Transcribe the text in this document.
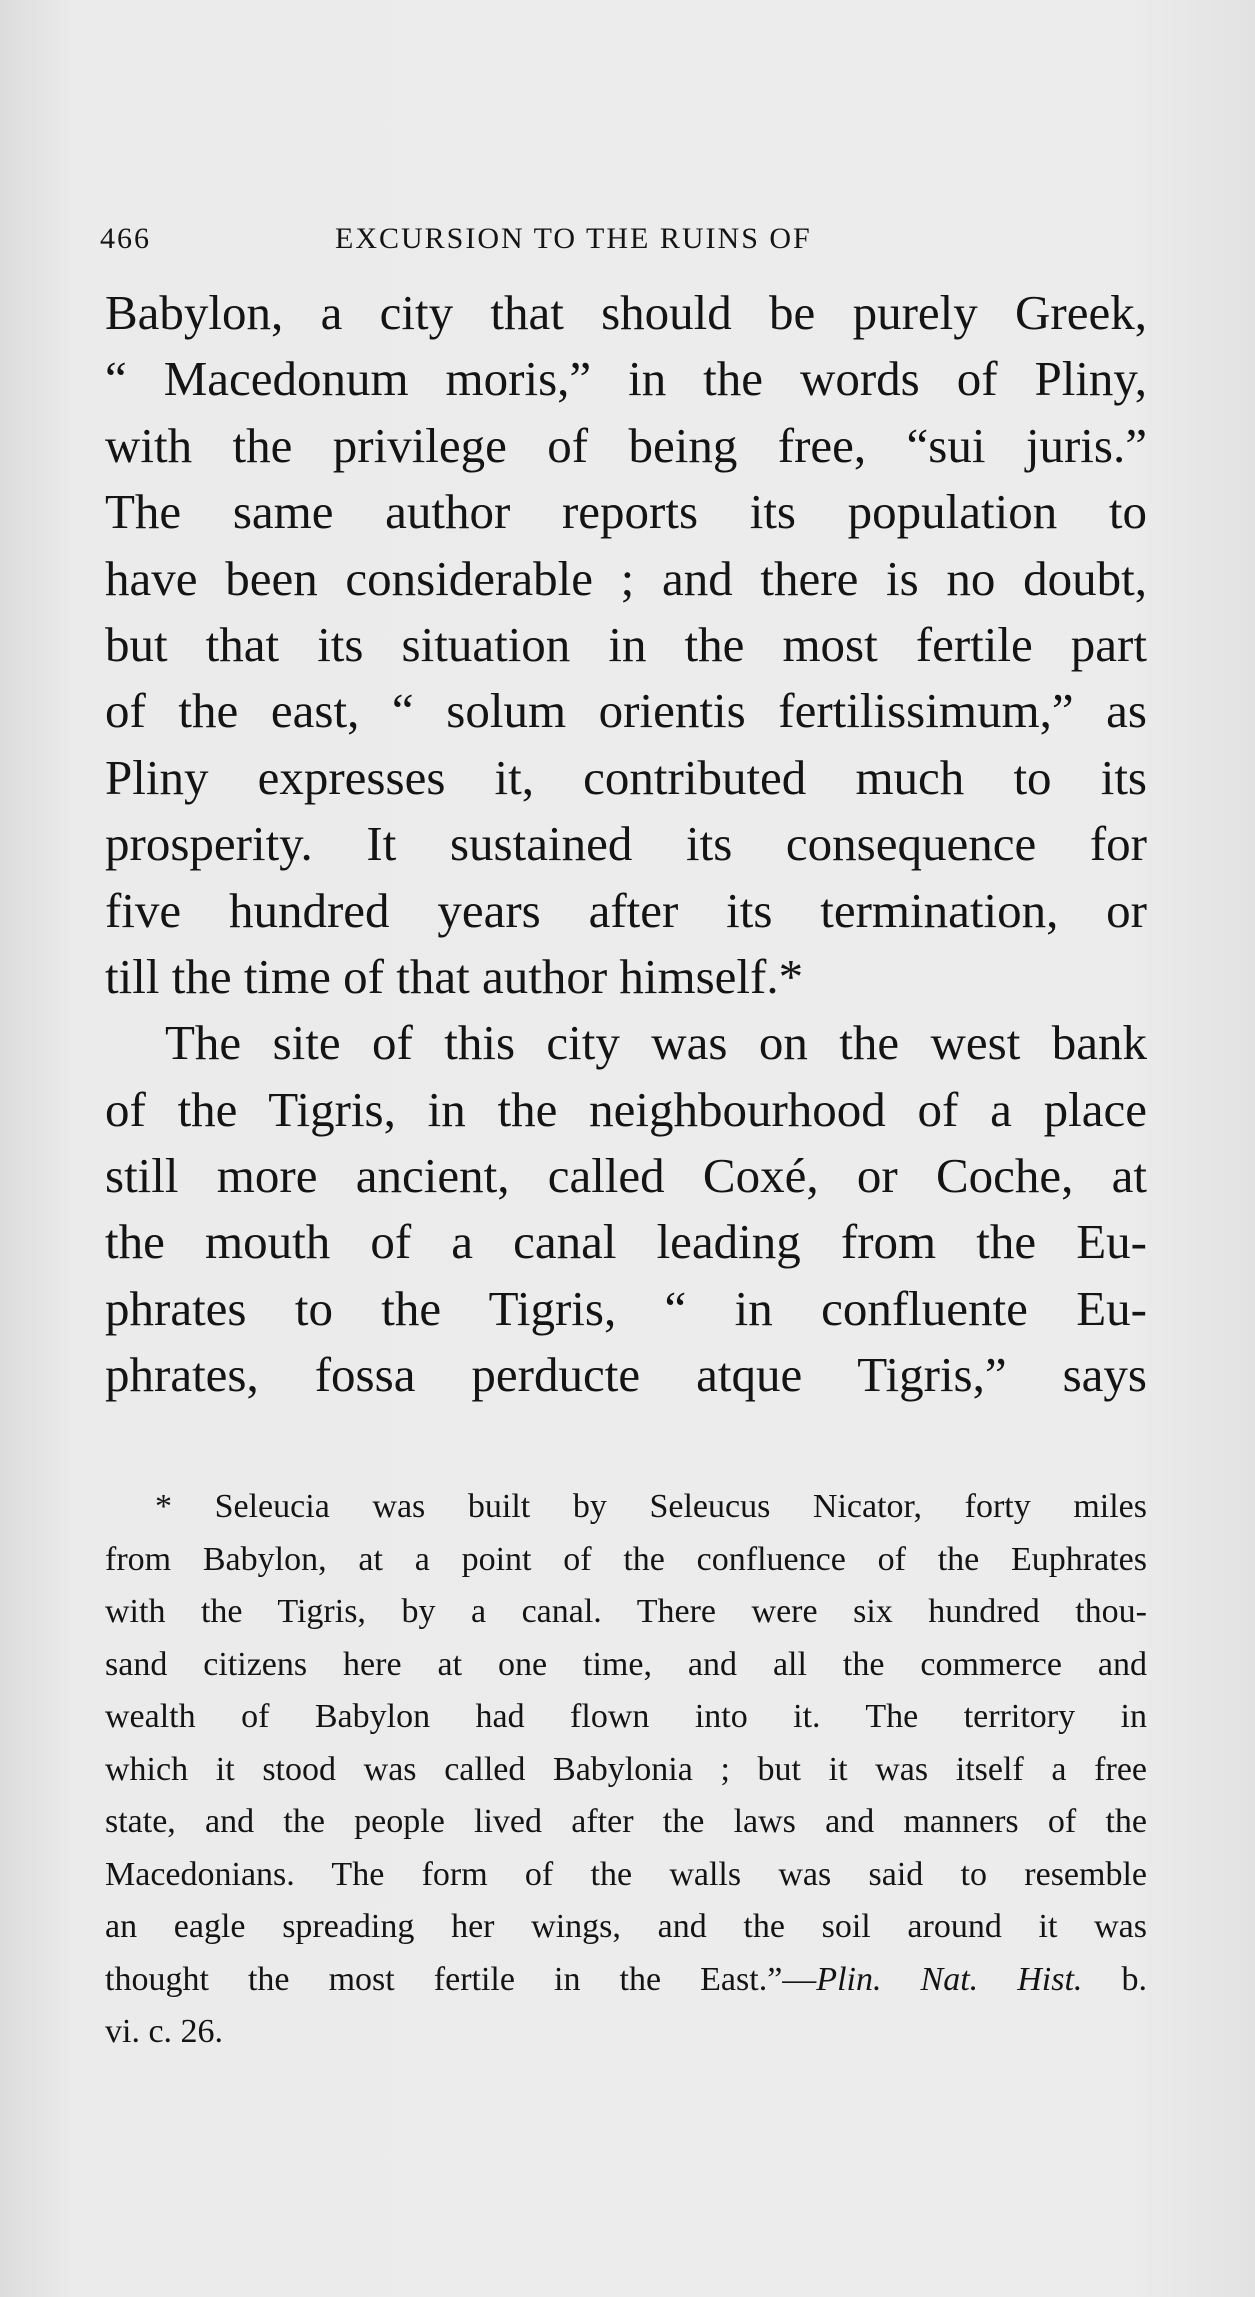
466	EXCURSION TO THE RUINS OF
Babylon, a city that should be purely Greek,
“ Macedonum moris,” in the words of Pliny,
with the privilege of being free, “sui juris.”
The same author reports its population to
have been considerable ; and there is no doubt,
but that its situation in the most fertile part
of the east, “ solum orientis fertilissimum,” as
Pliny expresses it, contributed much to its
prosperity. It sustained its consequence for
five hundred years after its termination, or
till the time of that author himself.*
The site of this city was on the west bank
of the Tigris, in the neighbourhood of a place
still more ancient, called Coxé, or Coche, at
the mouth of a canal leading from the Eu-
phrates to the Tigris, “ in confluente Eu-
phrates, fossa perducte atque Tigris,” says
* Seleucia was built by Seleucus Nicator, forty miles
from Babylon, at a point of the confluence of the Euphrates
with the Tigris, by a canal. There were six hundred thou-
sand citizens here at one time, and all the commerce and
wealth of Babylon had flown into it. The territory in
which it stood was called Babylonia ; but it was itself a free
state, and the people lived after the laws and manners of the
Macedonians. The form of the walls was said to resemble
an eagle spreading her wings, and the soil around it was
thought the most fertile in the East.”—Plin. Nat. Hist. b.
vi. c. 26.
